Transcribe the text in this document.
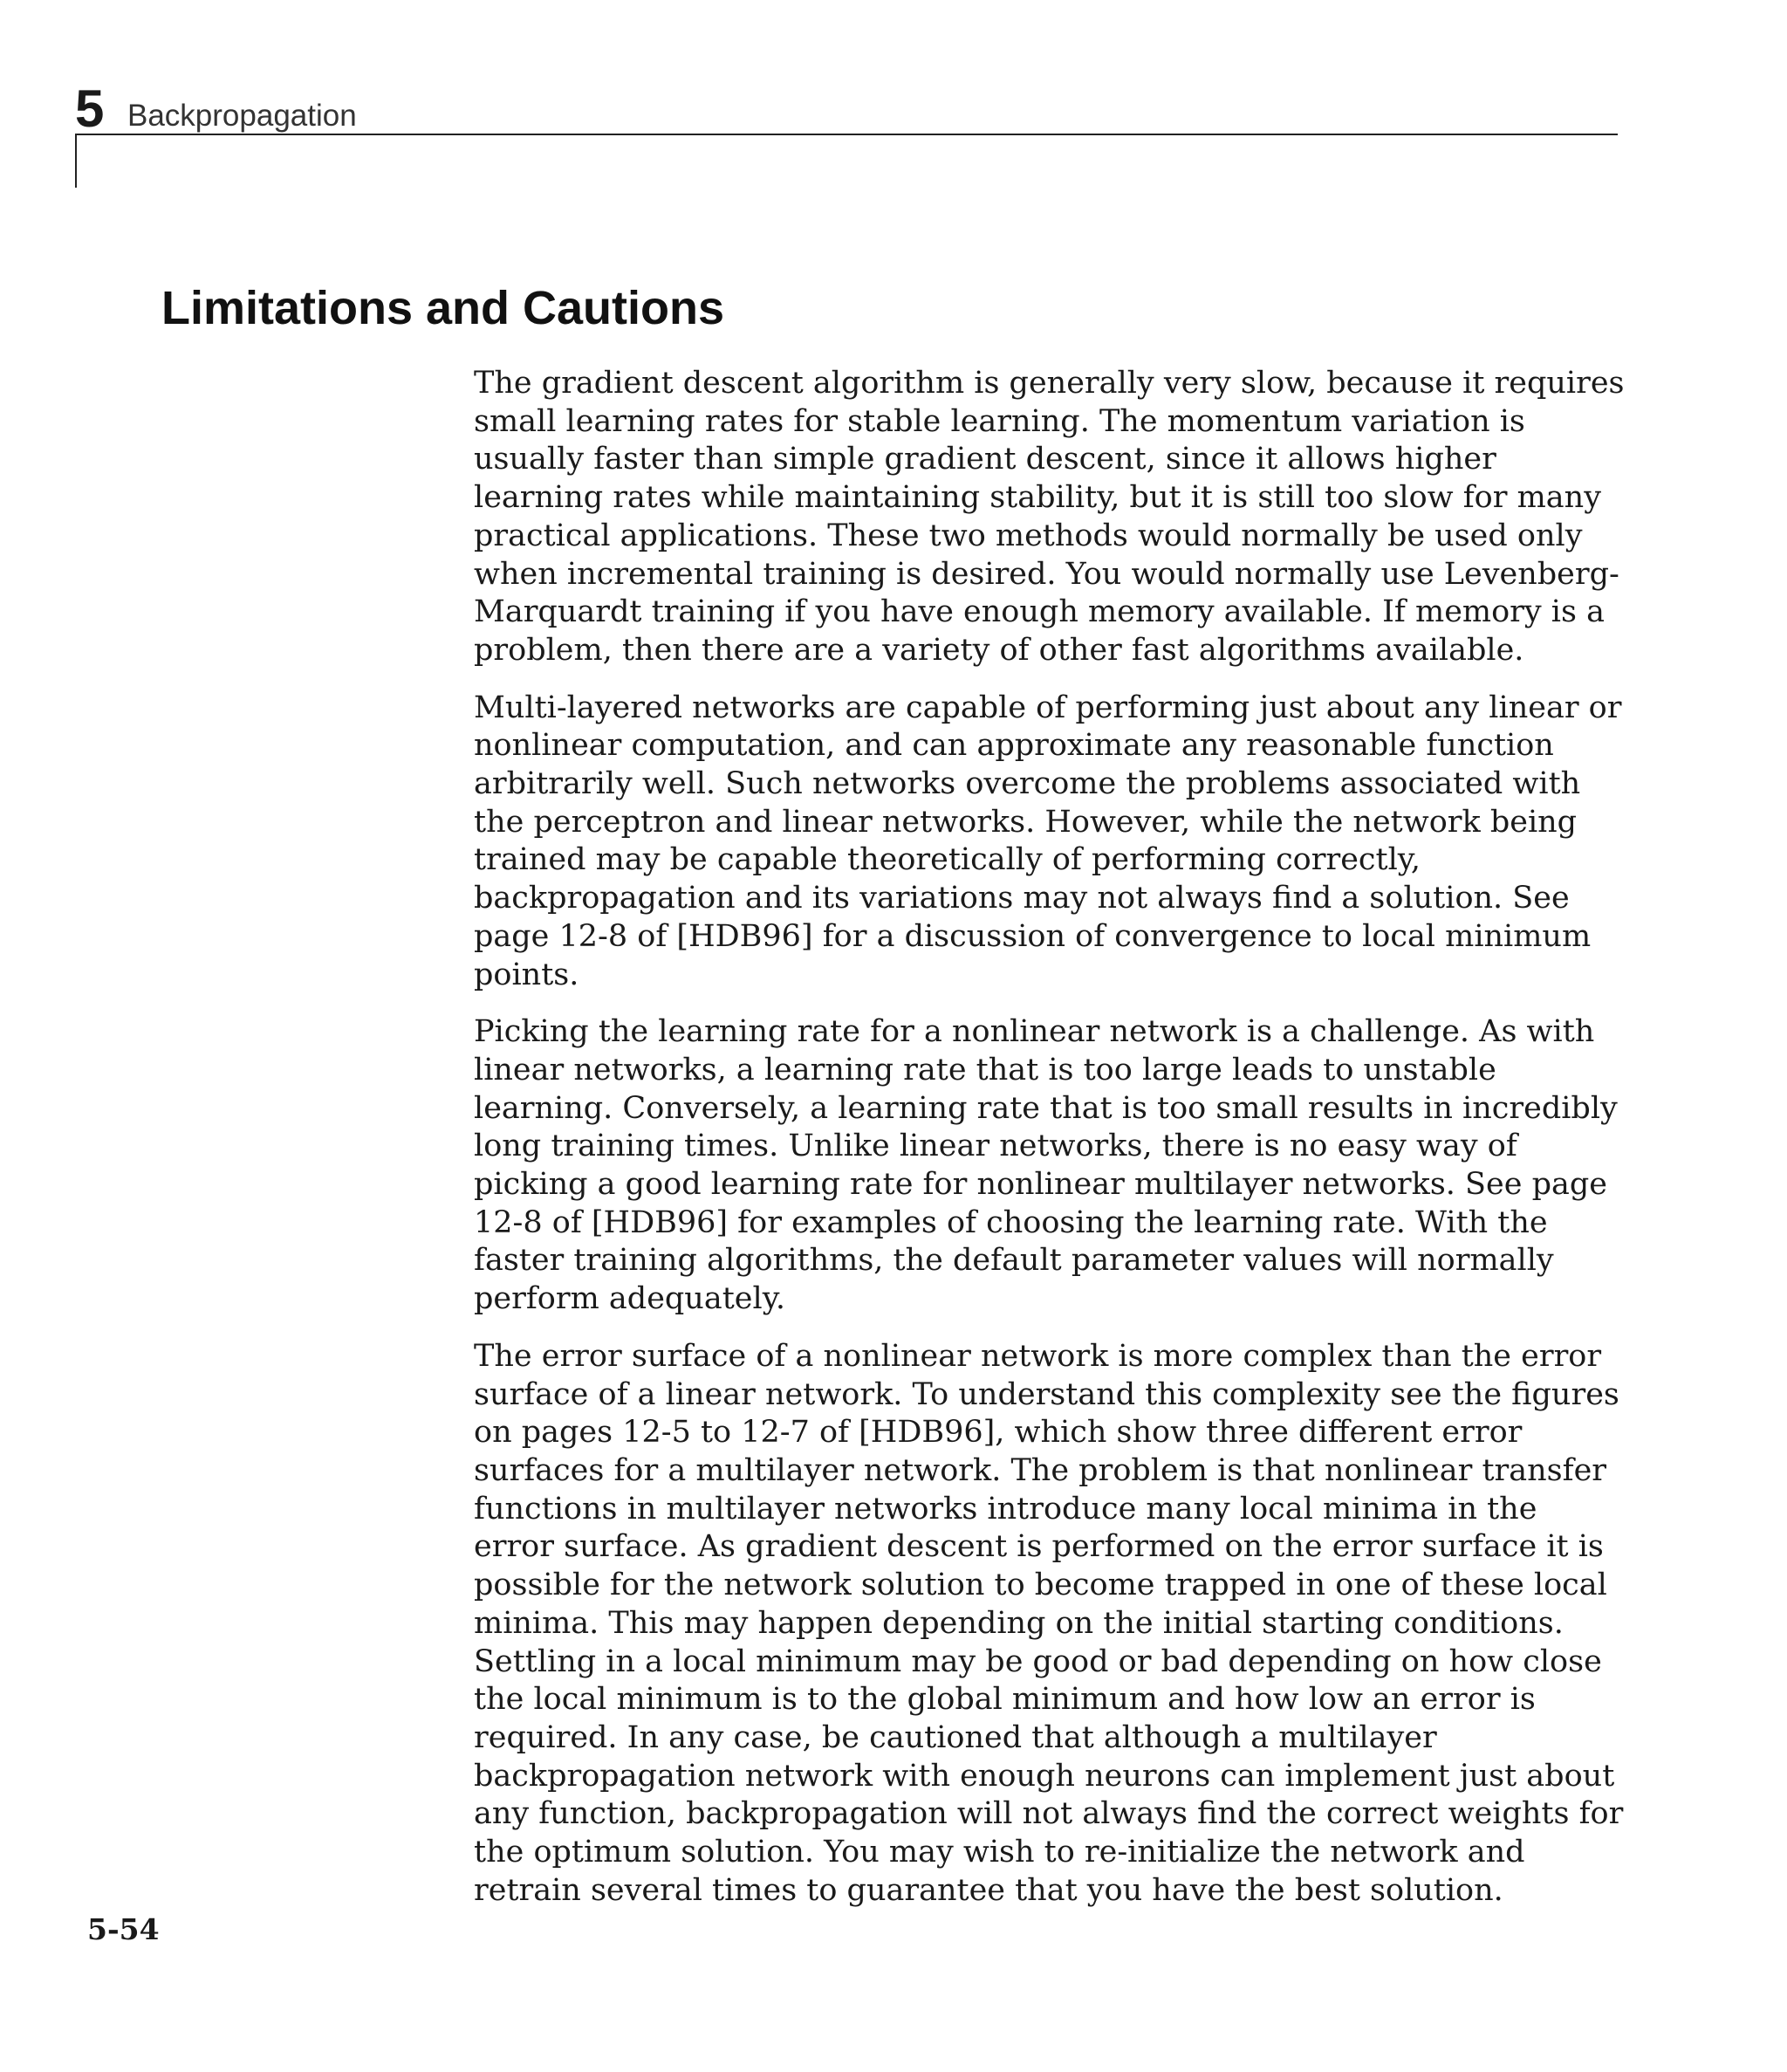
5 Backpropagation
Limitations and Cautions

The gradient descent algorithm is generally very slow, because it requires small learning rates for stable learning. The momentum variation is usually faster than simple gradient descent, since it allows higher learning rates while maintaining stability, but it is still too slow for many practical applications. These two methods would normally be used only when incremental training is desired. You would normally use Levenberg-Marquardt training if you have enough memory available. If memory is a problem, then there are a variety of other fast algorithms available.

Multi-layered networks are capable of performing just about any linear or nonlinear computation, and can approximate any reasonable function arbitrarily well. Such networks overcome the problems associated with the perceptron and linear networks. However, while the network being trained may be capable theoretically of performing correctly, backpropagation and its variations may not always find a solution. See page 12-8 of [HDB96] for a discussion of convergence to local minimum points.

Picking the learning rate for a nonlinear network is a challenge. As with linear networks, a learning rate that is too large leads to unstable learning. Conversely, a learning rate that is too small results in incredibly long training times. Unlike linear networks, there is no easy way of picking a good learning rate for nonlinear multilayer networks. See page 12-8 of [HDB96] for examples of choosing the learning rate. With the faster training algorithms, the default parameter values will normally perform adequately.

The error surface of a nonlinear network is more complex than the error surface of a linear network. To understand this complexity see the figures on pages 12-5 to 12-7 of [HDB96], which show three different error surfaces for a multilayer network. The problem is that nonlinear transfer functions in multilayer networks introduce many local minima in the error surface. As gradient descent is performed on the error surface it is possible for the network solution to become trapped in one of these local minima. This may happen depending on the initial starting conditions. Settling in a local minimum may be good or bad depending on how close the local minimum is to the global minimum and how low an error is required. In any case, be cautioned that although a multilayer backpropagation network with enough neurons can implement just about any function, backpropagation will not always find the correct weights for the optimum solution. You may wish to re-initialize the network and retrain several times to guarantee that you have the best solution.

5-54
